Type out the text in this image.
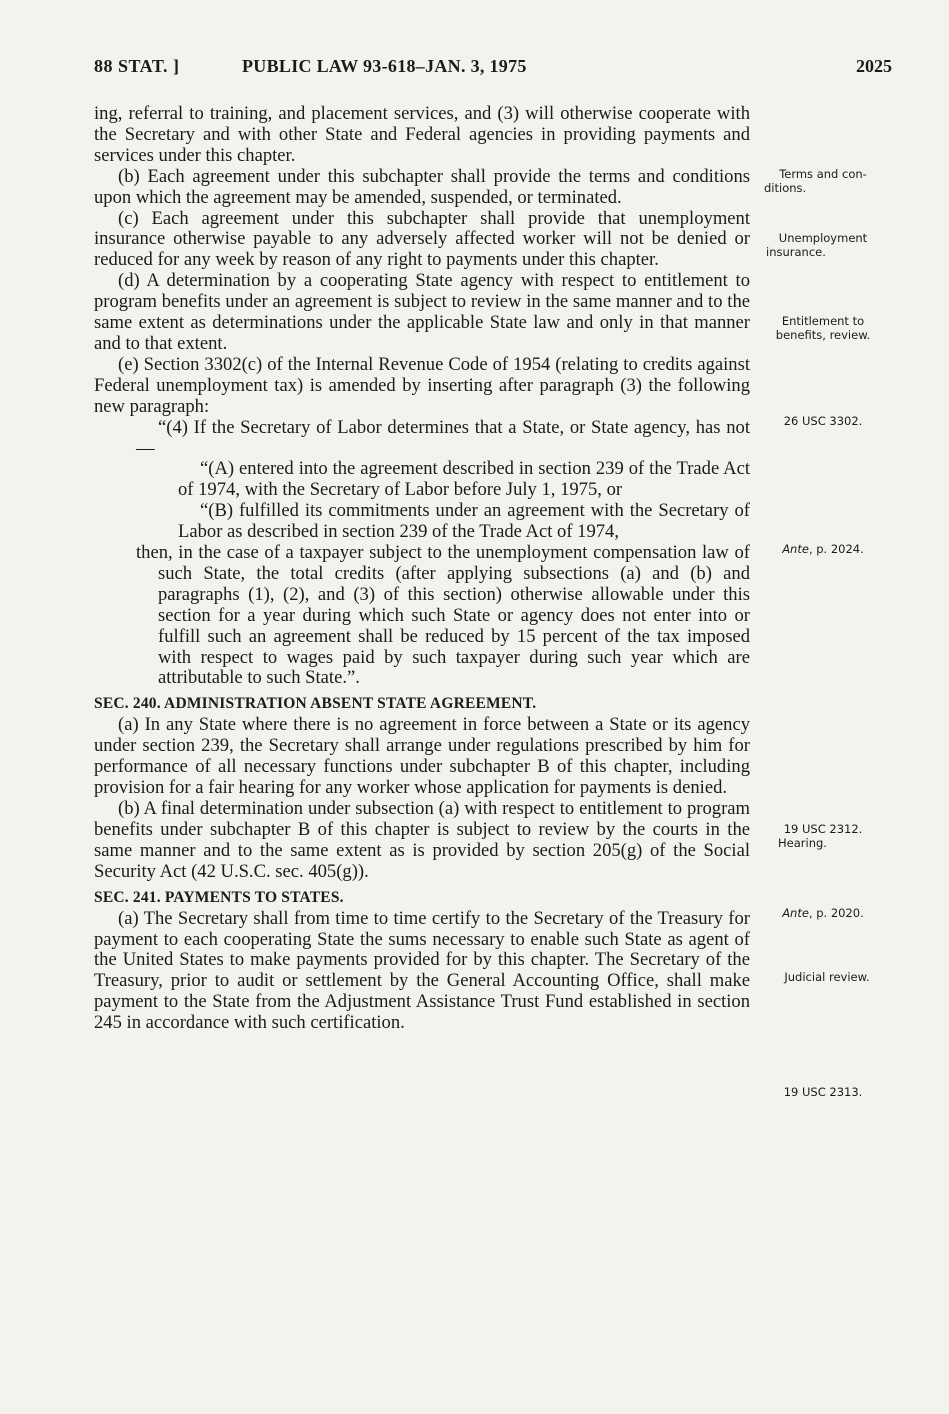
88 STAT. ]	PUBLIC LAW 93-618–JAN. 3, 1975	2025

ing, referral to training, and placement services, and (3) will otherwise cooperate with the Secretary and with other State and Federal agencies in providing payments and services under this chapter.

(b) Each agreement under this subchapter shall provide the terms and conditions upon which the agreement may be amended, suspended, or terminated.

(c) Each agreement under this subchapter shall provide that unemployment insurance otherwise payable to any adversely affected worker will not be denied or reduced for any week by reason of any right to payments under this chapter.

(d) A determination by a cooperating State agency with respect to entitlement to program benefits under an agreement is subject to review in the same manner and to the same extent as determinations under the applicable State law and only in that manner and to that extent.

(e) Section 3302(c) of the Internal Revenue Code of 1954 (relating to credits against Federal unemployment tax) is amended by inserting after paragraph (3) the following new paragraph:

“(4) If the Secretary of Labor determines that a State, or State agency, has not—

“(A) entered into the agreement described in section 239 of the Trade Act of 1974, with the Secretary of Labor before July 1, 1975, or

“(B) fulfilled its commitments under an agreement with the Secretary of Labor as described in section 239 of the Trade Act of 1974,

then, in the case of a taxpayer subject to the unemployment compensation law of such State, the total credits (after applying subsections (a) and (b) and paragraphs (1), (2), and (3) of this section) otherwise allowable under this section for a year during which such State or agency does not enter into or fulfill such an agreement shall be reduced by 15 percent of the tax imposed with respect to wages paid by such taxpayer during such year which are attributable to such State.”.

SEC. 240. ADMINISTRATION ABSENT STATE AGREEMENT.

(a) In any State where there is no agreement in force between a State or its agency under section 239, the Secretary shall arrange under regulations prescribed by him for performance of all necessary functions under subchapter B of this chapter, including provision for a fair hearing for any worker whose application for payments is denied.

(b) A final determination under subsection (a) with respect to entitlement to program benefits under subchapter B of this chapter is subject to review by the courts in the same manner and to the same extent as is provided by section 205(g) of the Social Security Act (42 U.S.C. sec. 405(g)).

SEC. 241. PAYMENTS TO STATES.

(a) The Secretary shall from time to time certify to the Secretary of the Treasury for payment to each cooperating State the sums necessary to enable such State as agent of the United States to make payments provided for by this chapter. The Secretary of the Treasury, prior to audit or settlement by the General Accounting Office, shall make payment to the State from the Adjustment Assistance Trust Fund established in section 245 in accordance with such certification.

Terms and con-
ditions.
Unemployment
insurance.
Entitlement to
benefits, review.
26 USC 3302.
Ante, p. 2024.
19 USC 2312.
Hearing.
Ante, p. 2020.
Judicial review.
19 USC 2313.
